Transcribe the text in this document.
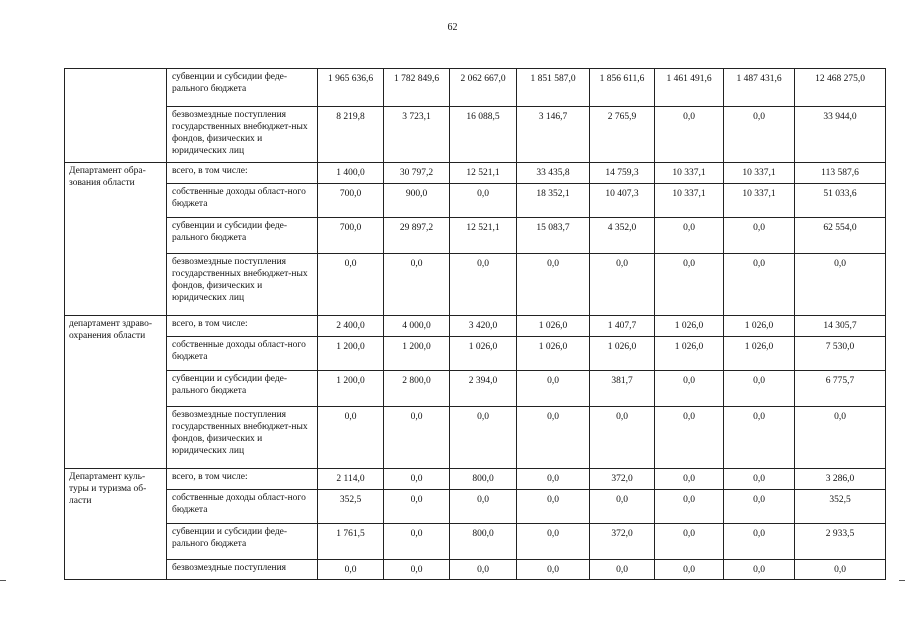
62
	субвенции и субсидии феде-ральнoго бюджета	1 965 636,6	1 782 849,6	2 062 667,0	1 851 587,0	1 856 611,6	1 461 491,6	1 487 431,6	12 468 275,0
	безвозмездные поступления государственных внебюджет-ных фондов, физических и юридических лиц	8 219,8	3 723,1	16 088,5	3 146,7	2 765,9	0,0	0,0	33 944,0
Департамент обра-зования области	всего, в том числе:	1 400,0	30 797,2	12 521,1	33 435,8	14 759,3	10 337,1	10 337,1	113 587,6
	собственные доходы област-ного бюджета	700,0	900,0	0,0	18 352,1	10 407,3	10 337,1	10 337,1	51 033,6
	субвенции и субсидии феде-рального бюджета	700,0	29 897,2	12 521,1	15 083,7	4 352,0	0,0	0,0	62 554,0
	безвозмездные поступления государственных внебюджет-ных фондов, физических и юридических лиц	0,0	0,0	0,0	0,0	0,0	0,0	0,0	0,0
департамент здраво-охранения области	всего, в том числе:	2 400,0	4 000,0	3 420,0	1 026,0	1 407,7	1 026,0	1 026,0	14 305,7
	собственные доходы област-ного бюджета	1 200,0	1 200,0	1 026,0	1 026,0	1 026,0	1 026,0	1 026,0	7 530,0
	субвенции и субсидии феде-рального бюджета	1 200,0	2 800,0	2 394,0	0,0	381,7	0,0	0,0	6 775,7
	безвозмездные поступления государственных внебюджет-ных фондов, физических и юридических лиц	0,0	0,0	0,0	0,0	0,0	0,0	0,0	0,0
Департамент куль-туры и туризма об-ласти	всего, в том числе:	2 114,0	0,0	800,0	0,0	372,0	0,0	0,0	3 286,0
	собственные доходы област-ного бюджета	352,5	0,0	0,0	0,0	0,0	0,0	0,0	352,5
	субвенции и субсидии феде-рального бюджета	1 761,5	0,0	800,0	0,0	372,0	0,0	0,0	2 933,5
	безвозмездные поступления	0,0	0,0	0,0	0,0	0,0	0,0	0,0	0,0
